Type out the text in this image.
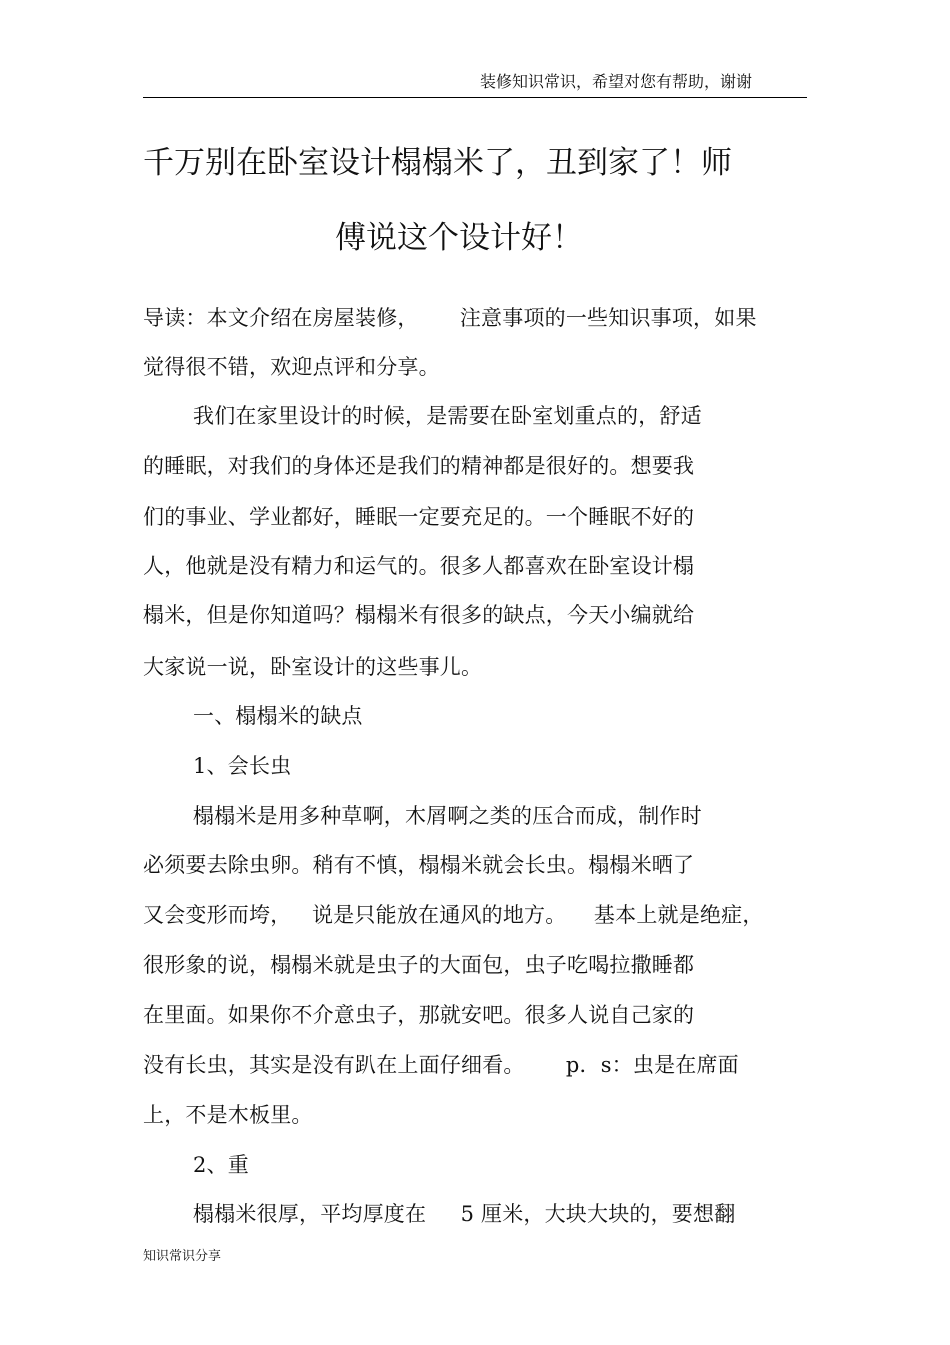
装修知识常识，希望对您有帮助，谢谢
千万别在卧室设计榻榻米了，丑到家了！师
傅说这个设计好！
导读：本文介绍在房屋装修，      注意事项的一些知识事项，如果
觉得很不错，欢迎点评和分享。
我们在家里设计的时候，是需要在卧室划重点的，舒适
的睡眠，对我们的身体还是我们的精神都是很好的。想要我
们的事业、学业都好，睡眠一定要充足的。一个睡眠不好的
人，他就是没有精力和运气的。很多人都喜欢在卧室设计榻
榻米，但是你知道吗？榻榻米有很多的缺点，今天小编就给
大家说一说，卧室设计的这些事儿。
一、榻榻米的缺点
1、会长虫
榻榻米是用多种草啊，木屑啊之类的压合而成，制作时
必须要去除虫卵。稍有不慎，榻榻米就会长虫。榻榻米晒了
又会变形而垮，   说是只能放在通风的地方。    基本上就是绝症，
很形象的说，榻榻米就是虫子的大面包，虫子吃喝拉撒睡都
在里面。如果你不介意虫子，那就安吧。很多人说自己家的
没有长虫，其实是没有趴在上面仔细看。      p．s：虫是在席面
上，不是木板里。
2、重
榻榻米很厚，平均厚度在     5 厘米，大块大块的，要想翻
知识常识分享
